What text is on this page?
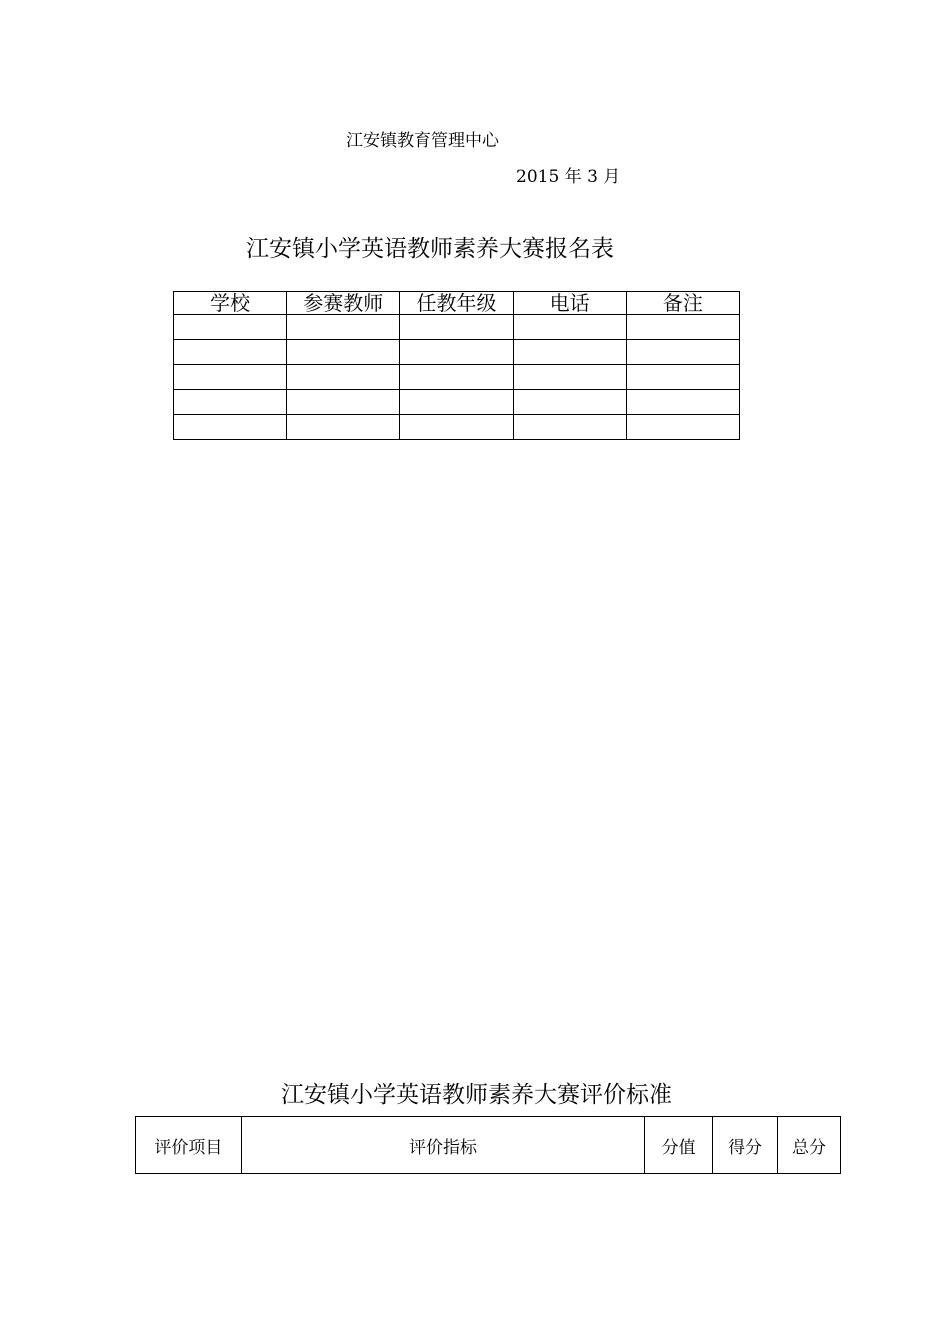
江安镇教育管理中心
2015 年 3 月
江安镇小学英语教师素养大赛报名表
学校	参赛教师	任教年级	电话	备注

江安镇小学英语教师素养大赛评价标准
评价项目	评价指标	分值	得分	总分
